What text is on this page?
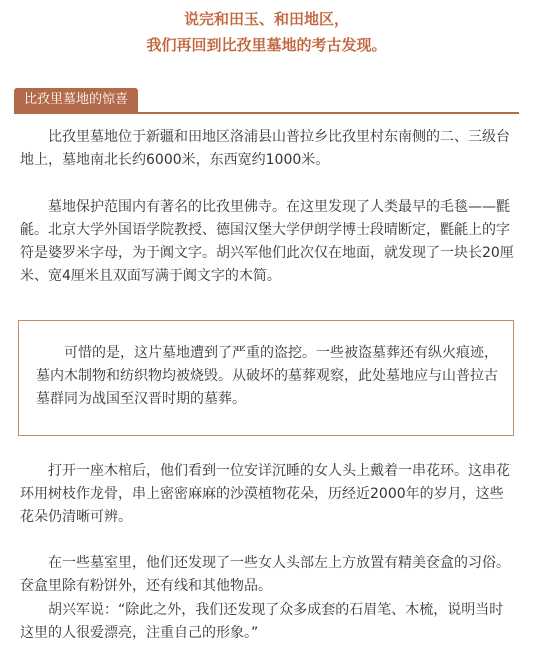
说完和田玉、和田地区，
我们再回到比孜里墓地的考古发现。
比孜里墓地的惊喜
比孜里墓地位于新疆和田地区洛浦县山普拉乡比孜里村东南侧的二、三级台地上，墓地南北长约6000米，东西宽约1000米。
墓地保护范围内有著名的比孜里佛寺。在这里发现了人类最早的毛毯——氍毹。北京大学外国语学院教授、德国汉堡大学伊朗学博士段晴断定，氍毹上的字符是婆罗米字母，为于阗文字。胡兴军他们此次仅在地面，就发现了一块长20厘米、宽4厘米且双面写满于阗文字的木简。
可惜的是，这片墓地遭到了严重的盗挖。一些被盗墓葬还有纵火痕迹，墓内木制物和纺织物均被烧毁。从破坏的墓葬观察，此处墓地应与山普拉古墓群同为战国至汉晋时期的墓葬。
打开一座木棺后，他们看到一位安详沉睡的女人头上戴着一串花环。这串花环用树枝作龙骨，串上密密麻麻的沙漠植物花朵，历经近2000年的岁月，这些花朵仍清晰可辨。
在一些墓室里，他们还发现了一些女人头部左上方放置有精美奁盒的习俗。奁盒里除有粉饼外，还有线和其他物品。
胡兴军说：“除此之外，我们还发现了众多成套的石眉笔、木梳，说明当时这里的人很爱漂亮，注重自己的形象。”
